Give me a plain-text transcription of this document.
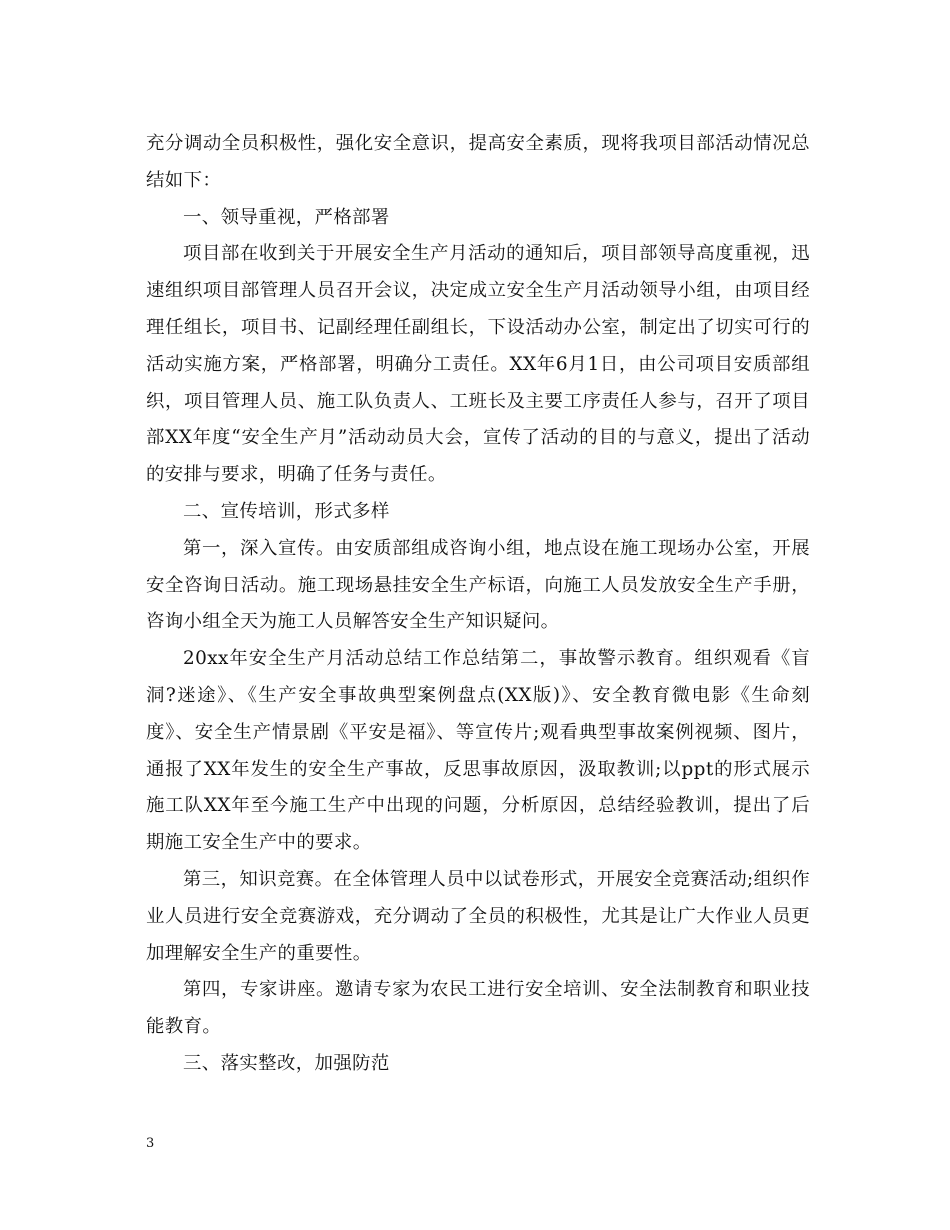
充分调动全员积极性，强化安全意识，提高安全素质，现将我项目部活动情况总结如下：

一、领导重视，严格部署

项目部在收到关于开展安全生产月活动的通知后，项目部领导高度重视，迅速组织项目部管理人员召开会议，决定成立安全生产月活动领导小组，由项目经理任组长，项目书、记副经理任副组长，下设活动办公室，制定出了切实可行的活动实施方案，严格部署，明确分工责任。XX年6月1日，由公司项目安质部组织，项目管理人员、施工队负责人、工班长及主要工序责任人参与，召开了项目部XX年度“安全生产月”活动动员大会，宣传了活动的目的与意义，提出了活动的安排与要求，明确了任务与责任。

二、宣传培训，形式多样

第一，深入宣传。由安质部组成咨询小组，地点设在施工现场办公室，开展安全咨询日活动。施工现场悬挂安全生产标语，向施工人员发放安全生产手册，咨询小组全天为施工人员解答安全生产知识疑问。

20xx年安全生产月活动总结工作总结第二，事故警示教育。组织观看《盲洞?迷途》、《生产安全事故典型案例盘点(XX版)》、安全教育微电影《生命刻度》、安全生产情景剧《平安是福》、等宣传片;观看典型事故案例视频、图片，通报了XX年发生的安全生产事故，反思事故原因，汲取教训;以ppt的形式展示施工队XX年至今施工生产中出现的问题，分析原因，总结经验教训，提出了后期施工安全生产中的要求。

第三，知识竞赛。在全体管理人员中以试卷形式，开展安全竞赛活动;组织作业人员进行安全竞赛游戏，充分调动了全员的积极性，尤其是让广大作业人员更加理解安全生产的重要性。

第四，专家讲座。邀请专家为农民工进行安全培训、安全法制教育和职业技能教育。

三、落实整改，加强防范

3
